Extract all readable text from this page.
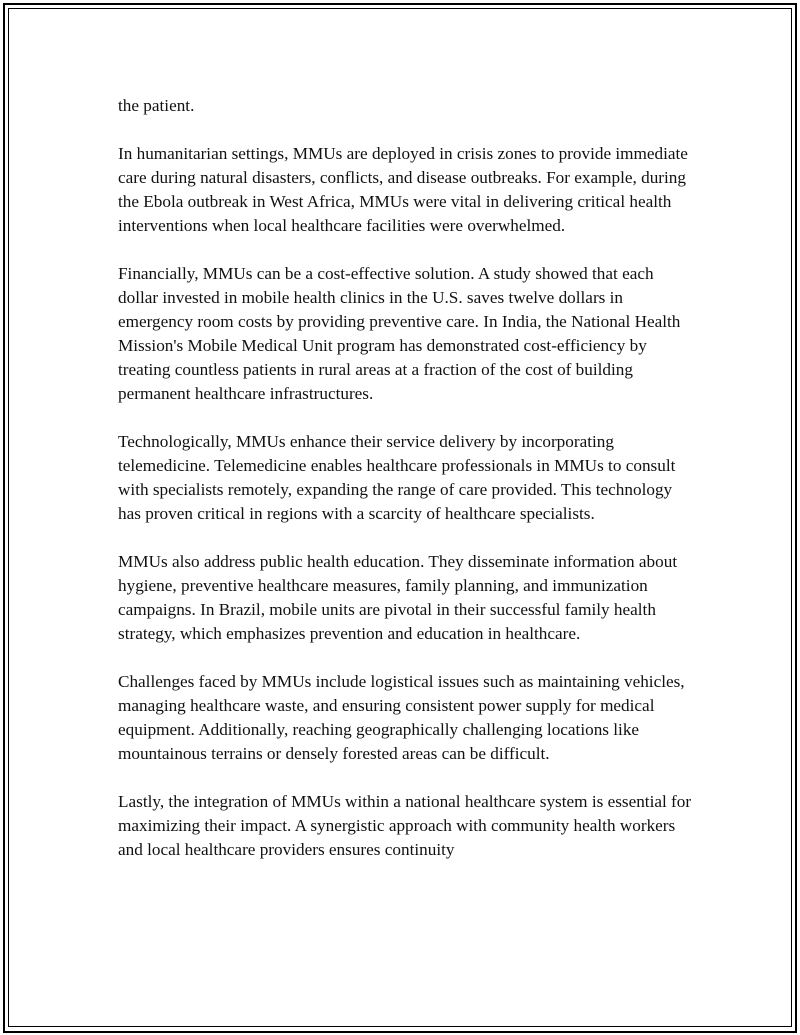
the patient.

In humanitarian settings, MMUs are deployed in crisis zones to provide immediate care during natural disasters, conflicts, and disease outbreaks. For example, during the Ebola outbreak in West Africa, MMUs were vital in delivering critical health interventions when local healthcare facilities were overwhelmed.

Financially, MMUs can be a cost-effective solution. A study showed that each dollar invested in mobile health clinics in the U.S. saves twelve dollars in emergency room costs by providing preventive care. In India, the National Health Mission's Mobile Medical Unit program has demonstrated cost-efficiency by treating countless patients in rural areas at a fraction of the cost of building permanent healthcare infrastructures.

Technologically, MMUs enhance their service delivery by incorporating telemedicine. Telemedicine enables healthcare professionals in MMUs to consult with specialists remotely, expanding the range of care provided. This technology has proven critical in regions with a scarcity of healthcare specialists.

MMUs also address public health education. They disseminate information about hygiene, preventive healthcare measures, family planning, and immunization campaigns. In Brazil, mobile units are pivotal in their successful family health strategy, which emphasizes prevention and education in healthcare.

Challenges faced by MMUs include logistical issues such as maintaining vehicles, managing healthcare waste, and ensuring consistent power supply for medical equipment. Additionally, reaching geographically challenging locations like mountainous terrains or densely forested areas can be difficult.

Lastly, the integration of MMUs within a national healthcare system is essential for maximizing their impact. A synergistic approach with community health workers and local healthcare providers ensures continuity
